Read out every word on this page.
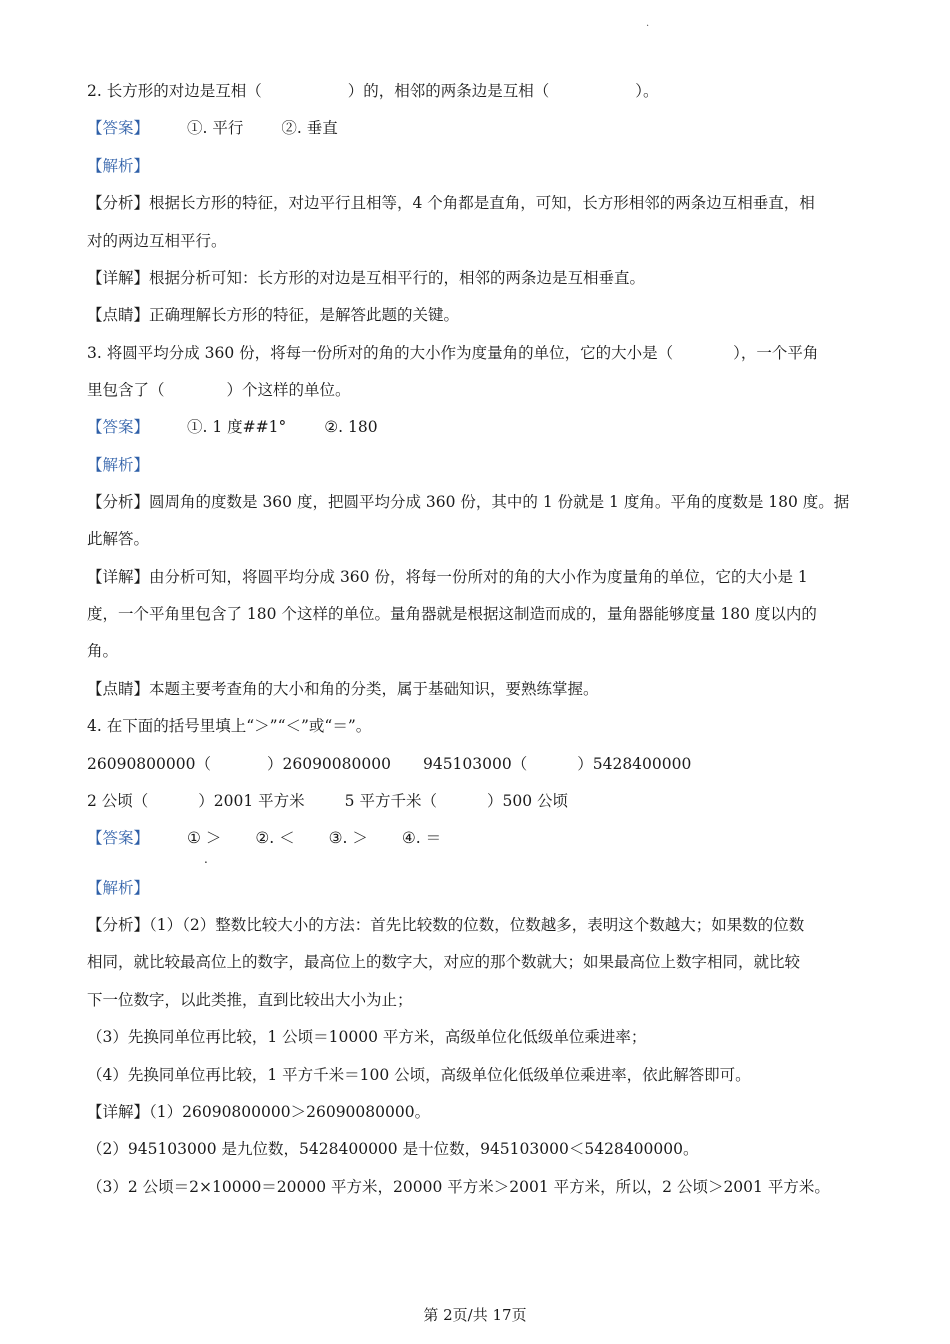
.
2. 长方形的对边是互相（	）的，相邻的两条边是互相（	）。
【答案】 ①. 平行 ②. 垂直
【解析】
【分析】根据长方形的特征，对边平行且相等，4 个角都是直角，可知，长方形相邻的两条边互相垂直，相
对的两边互相平行。
【详解】根据分析可知：长方形的对边是互相平行的，相邻的两条边是互相垂直。
【点睛】正确理解长方形的特征，是解答此题的关键。
3. 将圆平均分成 360 份，将每一份所对的角的大小作为度量角的单位，它的大小是（	），一个平角
里包含了（	）个这样的单位。
【答案】 ①. 1 度##1° ②. 180
【解析】
【分析】圆周角的度数是 360 度，把圆平均分成 360 份，其中的 1 份就是 1 度角。平角的度数是 180 度。据
此解答。
【详解】由分析可知，将圆平均分成 360 份，将每一份所对的角的大小作为度量角的单位，它的大小是 1
度，一个平角里包含了 180 个这样的单位。量角器就是根据这制造而成的，量角器能够度量 180 度以内的
角。
【点睛】本题主要考查角的大小和角的分类，属于基础知识，要熟练掌握。
4. 在下面的括号里填上“＞”“＜”或“＝”。
26090800000（	）26090080000 945103000（	）5428400000
2 公顷（	）2001 平方米	5 平方千米（	）500 公顷
【答案】 ① ＞ ②. ＜ ③. ＞ ④. ＝
.
【解析】
【分析】（1）（2）整数比较大小的方法：首先比较数的位数，位数越多，表明这个数越大；如果数的位数
相同，就比较最高位上的数字，最高位上的数字大，对应的那个数就大；如果最高位上数字相同，就比较
下一位数字，以此类推，直到比较出大小为止；
（3）先换同单位再比较，1 公顷＝10000 平方米，高级单位化低级单位乘进率；
（4）先换同单位再比较，1 平方千米＝100 公顷，高级单位化低级单位乘进率，依此解答即可。
【详解】（1）26090800000＞26090080000。
（2）945103000 是九位数，5428400000 是十位数，945103000＜5428400000。
（3）2 公顷＝2×10000＝20000 平方米，20000 平方米＞2001 平方米，所以，2 公顷＞2001 平方米。
第 2页/共 17页
